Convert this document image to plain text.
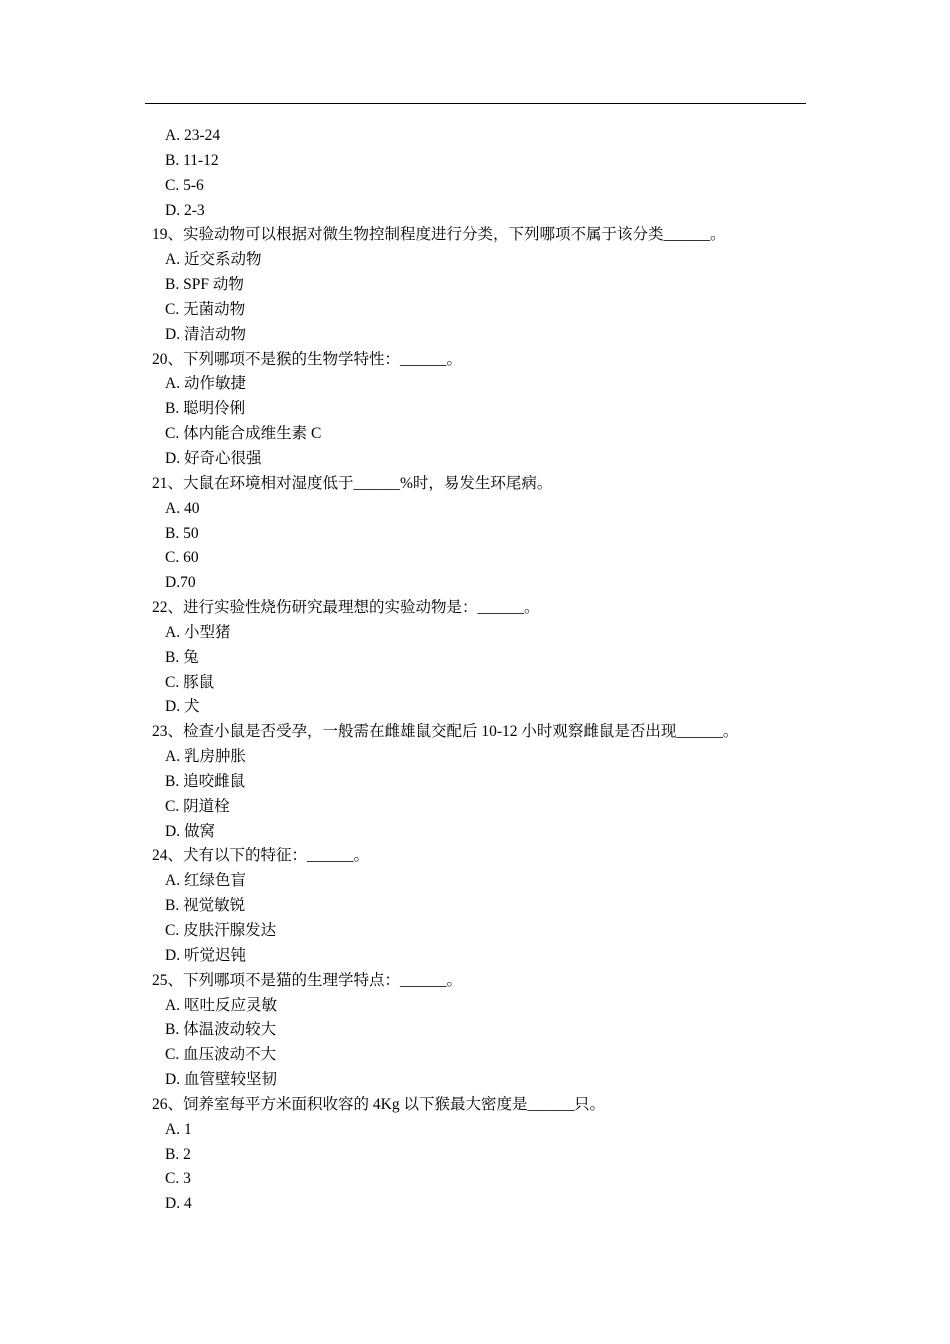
A. 23-24
B. 11-12
C. 5-6
D. 2-3
19、实验动物可以根据对微生物控制程度进行分类，下列哪项不属于该分类______。
A. 近交系动物
B. SPF 动物
C. 无菌动物
D. 清洁动物
20、下列哪项不是猴的生物学特性：______。
A. 动作敏捷
B. 聪明伶俐
C. 体内能合成维生素 C
D. 好奇心很强
21、大鼠在环境相对湿度低于______%时，易发生环尾病。
A. 40
B. 50
C. 60
D.70
22、进行实验性烧伤研究最理想的实验动物是：______。
A. 小型猪
B. 兔
C. 豚鼠
D. 犬
23、检查小鼠是否受孕，一般需在雌雄鼠交配后 10-12 小时观察雌鼠是否出现______。
A. 乳房肿胀
B. 追咬雌鼠
C. 阴道栓
D. 做窝
24、犬有以下的特征：______。
A. 红绿色盲
B. 视觉敏锐
C. 皮肤汗腺发达
D. 听觉迟钝
25、下列哪项不是猫的生理学特点：______。
A. 呕吐反应灵敏
B. 体温波动较大
C. 血压波动不大
D. 血管壁较坚韧
26、饲养室每平方米面积收容的 4Kg 以下猴最大密度是______只。
A. 1
B. 2
C. 3
D. 4
